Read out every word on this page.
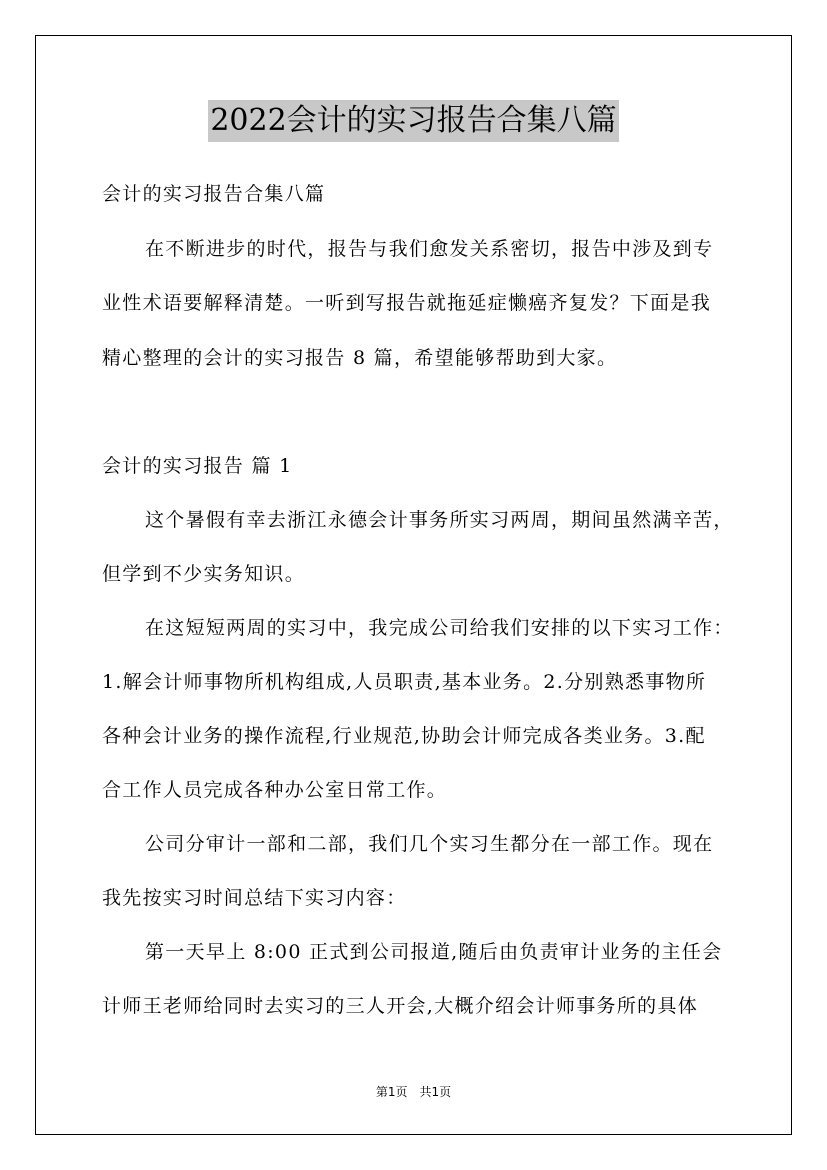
2022会计的实习报告合集八篇
会计的实习报告合集八篇
在不断进步的时代，报告与我们愈发关系密切，报告中涉及到专
业性术语要解释清楚。一听到写报告就拖延症懒癌齐复发？下面是我
精心整理的会计的实习报告 8 篇，希望能够帮助到大家。
会计的实习报告 篇 1
这个暑假有幸去浙江永德会计事务所实习两周，期间虽然满辛苦，
但学到不少实务知识。
在这短短两周的实习中，我完成公司给我们安排的以下实习工作：
1.解会计师事物所机构组成,人员职责,基本业务。2.分别熟悉事物所
各种会计业务的操作流程,行业规范,协助会计师完成各类业务。3.配
合工作人员完成各种办公室日常工作。
公司分审计一部和二部，我们几个实习生都分在一部工作。现在
我先按实习时间总结下实习内容：
第一天早上 8:00 正式到公司报道,随后由负责审计业务的主任会
计师王老师给同时去实习的三人开会,大概介绍会计师事务所的具体
第1页　共1页
